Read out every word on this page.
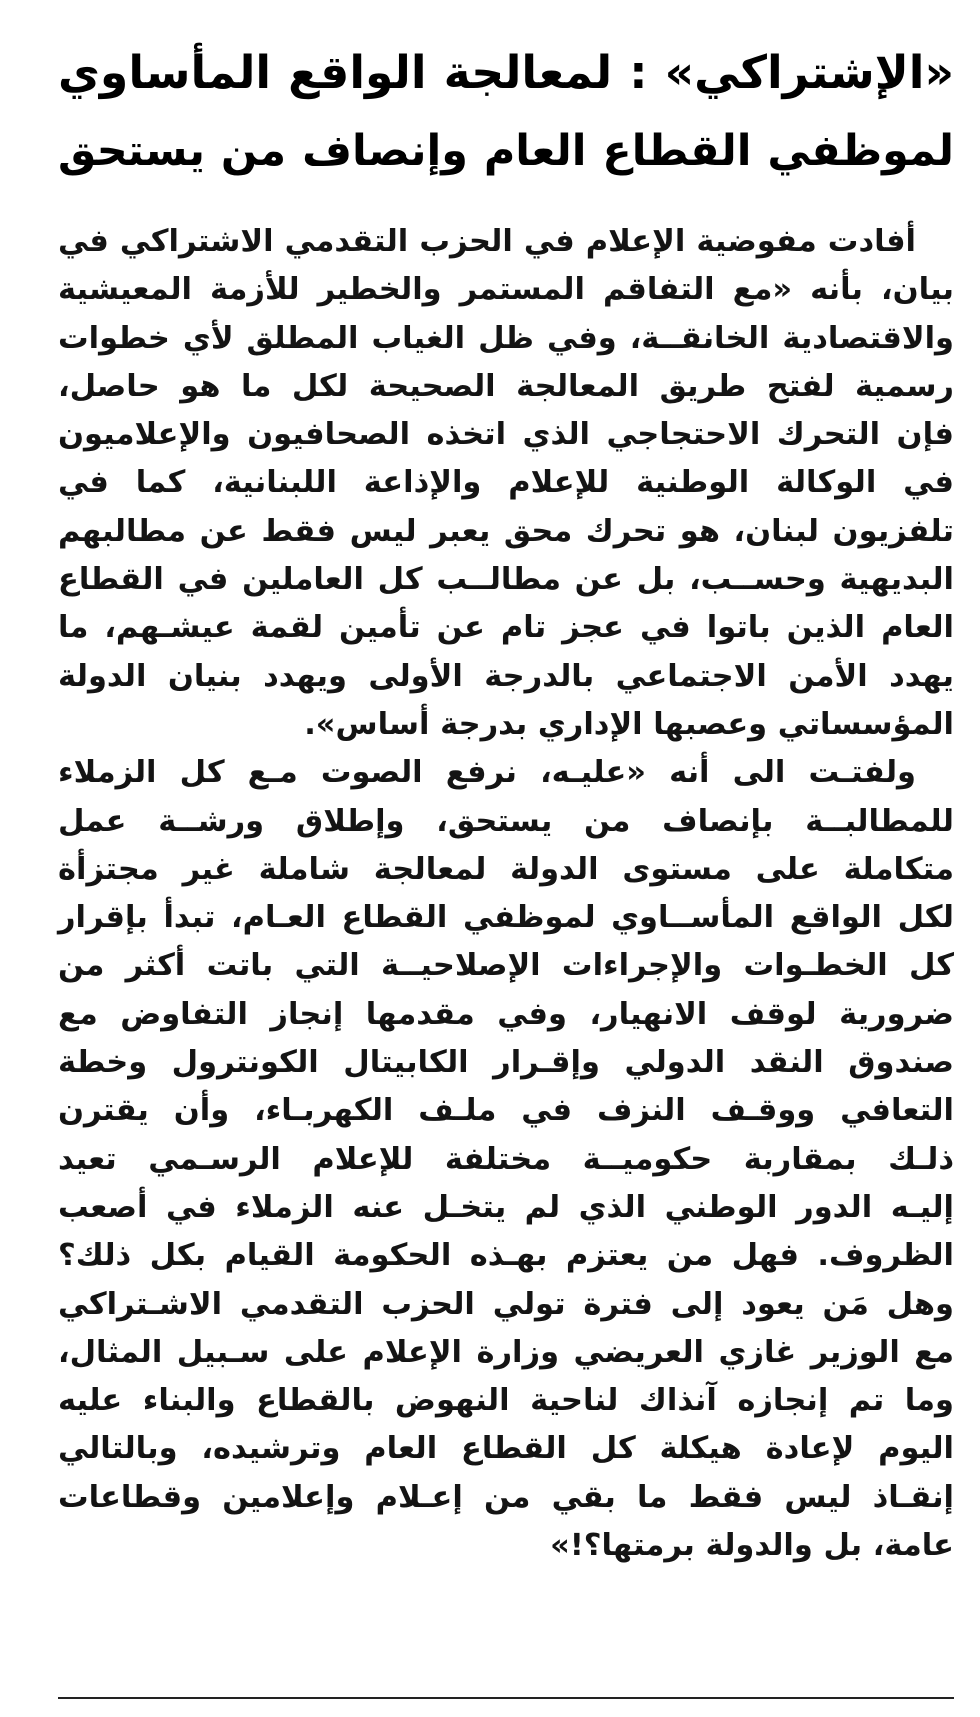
«الإشتراكي» : لمعالجة الواقع المأساوي
لموظفي القطاع العام وإنصاف من يستحق

أفادت مفوضية الإعلام في الحزب التقدمي الاشتراكي في
بيان، بأنه «مع التفاقم المستمر والخطير للأزمة المعيشية
والاقتصادية الخانقــة، وفي ظل الغياب المطلق لأي خطوات
رسمية لفتح طريق المعالجة الصحيحة لكل ما هو حاصل،
فإن التحرك الاحتجاجي الذي اتخذه الصحافيون والإعلاميون
في الوكالة الوطنية للإعلام والإذاعة اللبنانية، كما في
تلفزيون لبنان، هو تحرك محق يعبر ليس فقط عن مطالبهم
البديهية وحســب، بل عن مطالــب كل العاملين في القطاع
العام الذين باتوا في عجز تام عن تأمين لقمة عيشـهم، ما
يهدد الأمن الاجتماعي بالدرجة الأولى ويهدد بنيان الدولة
المؤسساتي وعصبها الإداري بدرجة أساس».

ولفتـت الى أنه «عليـه، نرفع الصوت مـع كل الزملاء
للمطالبــة بإنصاف من يستحق، وإطلاق ورشــة عمل
متكاملة على مستوى الدولة لمعالجة شاملة غير مجتزأة
لكل الواقع المأســاوي لموظفي القطاع العـام، تبدأ بإقرار
كل الخطـوات والإجراءات الإصلاحيــة التي باتت أكثر من
ضرورية لوقف الانهيار، وفي مقدمها إنجاز التفاوض مع
صندوق النقد الدولي وإقـرار الكابيتال الكونترول وخطة
التعافي ووقـف النزف في ملـف الكهربـاء، وأن يقترن
ذلـك بمقاربة حكوميــة مختلفة للإعلام الرسـمي تعيد
إليـه الدور الوطني الذي لم يتخـل عنه الزملاء في أصعب
الظروف. فهل من يعتزم بهـذه الحكومة القيام بكل ذلك؟
وهل مَن يعود إلى فترة تولي الحزب التقدمي الاشـتراكي
مع الوزير غازي العريضي وزارة الإعلام على سـبيل المثال،
وما تم إنجازه آنذاك لناحية النهوض بالقطاع والبناء عليه
اليوم لإعادة هيكلة كل القطاع العام وترشيده، وبالتالي
إنقـاذ ليس فقط ما بقي من إعـلام وإعلامين وقطاعات
عامة، بل والدولة برمتها؟!»
